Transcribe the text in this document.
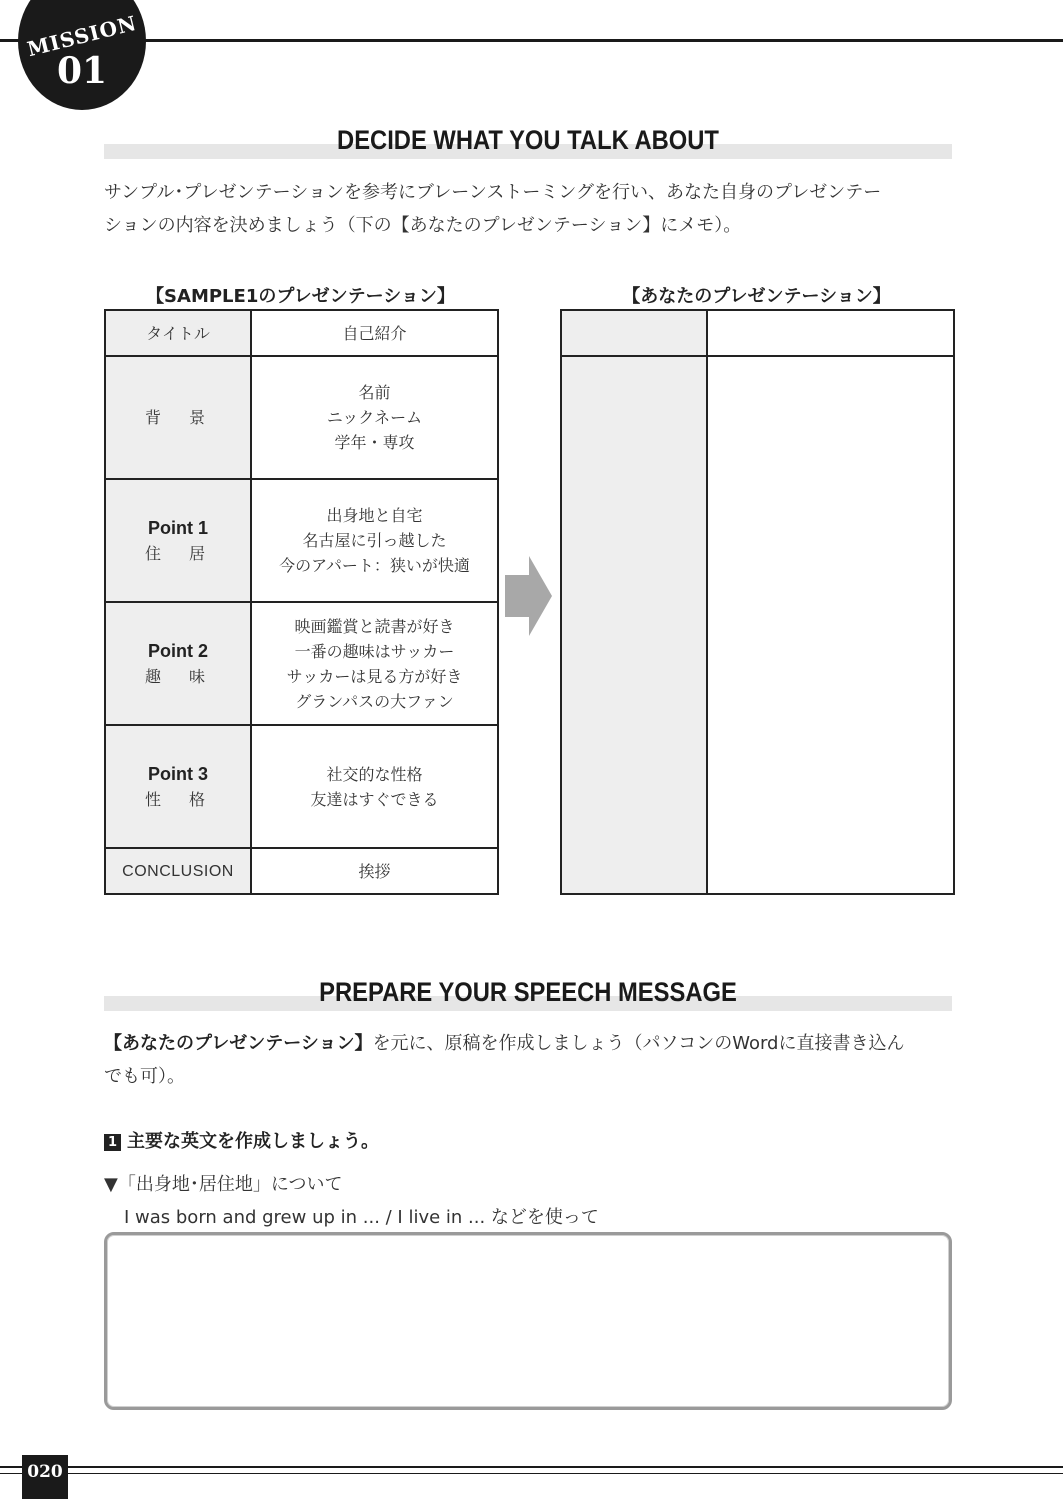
MISSION
01
DECIDE WHAT YOU TALK ABOUT
サンプル･プレゼンテーションを参考にブレーンストーミングを行い、あなた自身のプレゼンテー
ションの内容を決めましょう（下の【あなたのプレゼンテーション】にメモ）。
【SAMPLE1のプレゼンテーション】	【あなたのプレゼンテーション】
タイトル	自己紹介

背　景	名前
ニックネーム
学年・専攻

Point 1
住　居	出身地と自宅
名古屋に引っ越した
今のアパート：狭いが快適

Point 2
趣　味	映画鑑賞と読書が好き
一番の趣味はサッカー
サッカーは見る方が好き
グランパスの大ファン

Point 3
性　格	社交的な性格
友達はすぐできる

CONCLUSION	挨拶

PREPARE YOUR SPEECH MESSAGE
【あなたのプレゼンテーション】を元に、原稿を作成しましょう（パソコンのWordに直接書き込ん
でも可）。
1 主要な英文を作成しましょう。
▼「出身地･居住地」について
I was born and grew up in ... / I live in ... などを使って
020
